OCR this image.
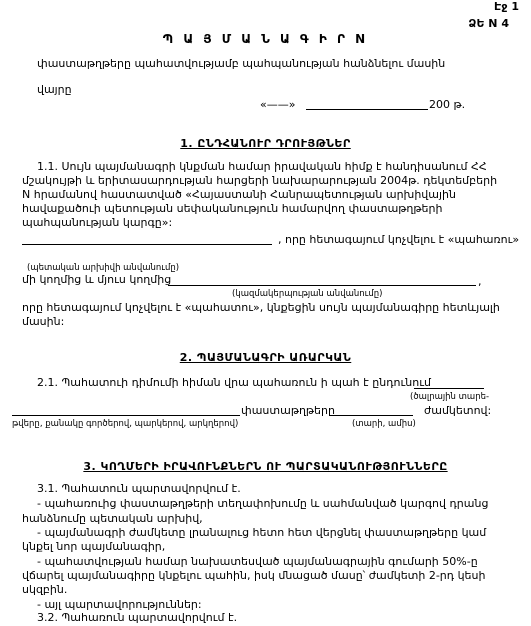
Էջ 1
ՁԵ N 4
Պ Ա Յ Մ Ա Ն Ա Գ Ի Ր N
փաստաթղթերը պահատվությամբ պահպանության հանձնելու մասին
վայրը
«——»	200 թ.
1. ԸՆԴՀԱՆՈՒՐ ԴՐՈՒՅԹՆԵՐ
1.1. Սույն պայմանագրի կնքման համար իրավական հիմք է հանդիսանում ՀՀ
մշակույթի և երիտասարդության հարցերի նախարարության 2004թ. դեկտեմբերի
N հրամանով հաստատված «Հայաստանի Հանրապետության արխիվային
հավաքածուի պետության սեփականություն համարվող փաստաթղթերի
պահպանության կարգը»:
, որը հետագայում կոչվելու է «պահառու»
(պետական արխիվի անվանումը)
մի կողմից և մյուս կողմից	,
(կազմակերպության անվանումը)
որը հետագայում կոչվելու է «պահատու», կնքեցին սույն պայմանագիրը հետևյալի
մասին:
2. ՊԱՅՄԱՆԱԳՐԻ ԱՌԱՐԿԱՆ
2.1. Պահատուի դիմումի հիման վրա պահառուն ի պահ է ընդունում
(ծալրային տարե-
փաստաթղթերը	ժամկետով:
թվերը, քանակը գործերով, պարկերով, արկղերով)	(տարի, ամիս)
3. ԿՈՂՄԵՐԻ ԻՐԱՎՈՒՆՔՆԵՐՆ ՈՒ ՊԱՐՏԱԿԱՆՈՒԹՅՈՒՆՆԵՐԸ
3.1. Պահատուն պարտավորվում է.
- պահառուից փաստաթղթերի տեղափոխումը և սահմանված կարգով դրանց
հանձնումը պետական արխիվ,
- պայմանագրի ժամկետը լրանալուց հետո հետ վերցնել փաստաթղթերը կամ
կնքել նոր պայմանագիր,
- պահատվության համար նախատեսված պայմանագրային գումարի 50%-ը
վճարել պայմանագիրը կնքելու պահին, իսկ մնացած մասը՝ ժամկետի 2-րդ կեսի
սկզբին.
- այլ պարտավորություններ:
3.2. Պահառուն պարտավորվում է.
